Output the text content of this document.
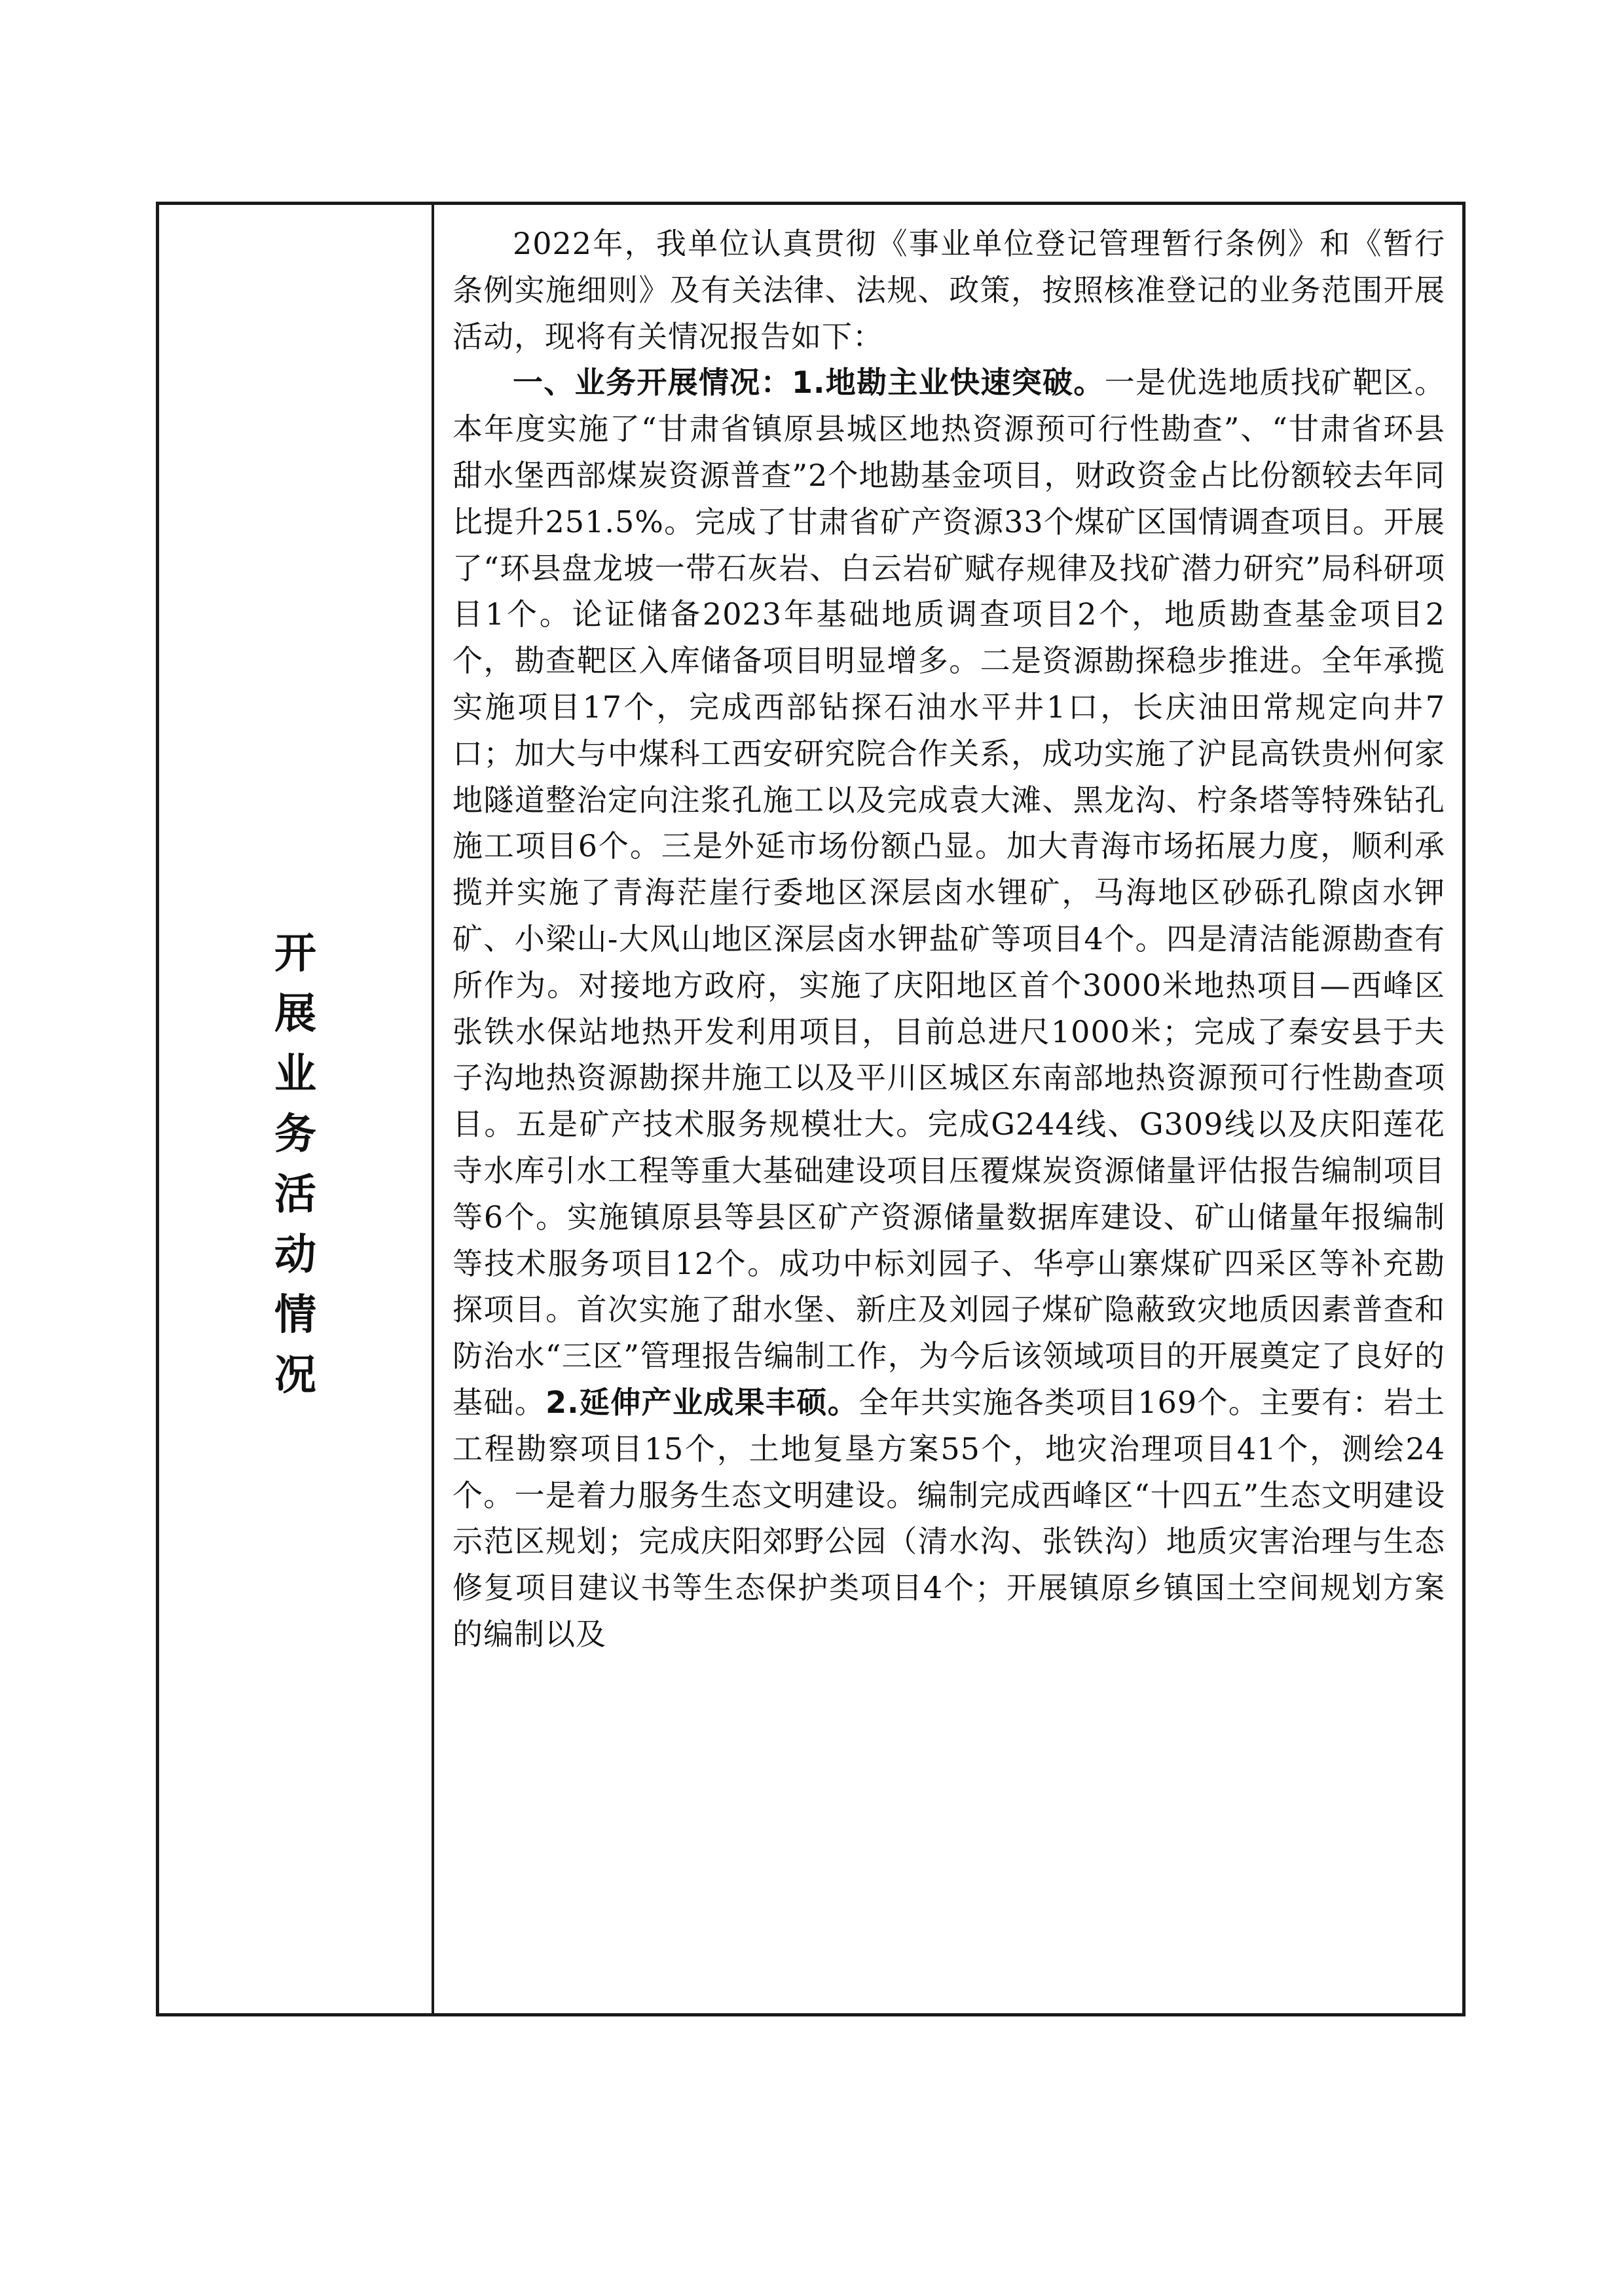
开
展
业
务
活
动
情
况

2022年，我单位认真贯彻《事业单位登记管理暂行条例》和《暂行条例实施细则》及有关法律、法规、政策，按照核准登记的业务范围开展活动，现将有关情况报告如下：

一、业务开展情况：1.地勘主业快速突破。一是优选地质找矿靶区。本年度实施了“甘肃省镇原县城区地热资源预可行性勘查”、“甘肃省环县甜水堡西部煤炭资源普查”2个地勘基金项目，财政资金占比份额较去年同比提升251.5%。完成了甘肃省矿产资源33个煤矿区国情调查项目。开展了“环县盘龙坡一带石灰岩、白云岩矿赋存规律及找矿潜力研究”局科研项目1个。论证储备2023年基础地质调查项目2个，地质勘查基金项目2个，勘查靶区入库储备项目明显增多。二是资源勘探稳步推进。全年承揽实施项目17个，完成西部钻探石油水平井1口，长庆油田常规定向井7口；加大与中煤科工西安研究院合作关系，成功实施了沪昆高铁贵州何家地隧道整治定向注浆孔施工以及完成袁大滩、黑龙沟、柠条塔等特殊钻孔施工项目6个。三是外延市场份额凸显。加大青海市场拓展力度，顺利承揽并实施了青海茫崖行委地区深层卤水锂矿，马海地区砂砾孔隙卤水钾矿、小梁山-大风山地区深层卤水钾盐矿等项目4个。四是清洁能源勘查有所作为。对接地方政府，实施了庆阳地区首个3000米地热项目—西峰区张铁水保站地热开发利用项目，目前总进尺1000米；完成了秦安县于夫子沟地热资源勘探井施工以及平川区城区东南部地热资源预可行性勘查项目。五是矿产技术服务规模壮大。完成G244线、G309线以及庆阳莲花寺水库引水工程等重大基础建设项目压覆煤炭资源储量评估报告编制项目等6个。实施镇原县等县区矿产资源储量数据库建设、矿山储量年报编制等技术服务项目12个。成功中标刘园子、华亭山寨煤矿四采区等补充勘探项目。首次实施了甜水堡、新庄及刘园子煤矿隐蔽致灾地质因素普查和防治水“三区”管理报告编制工作，为今后该领域项目的开展奠定了良好的基础。2.延伸产业成果丰硕。全年共实施各类项目169个。主要有：岩土工程勘察项目15个，土地复垦方案55个，地灾治理项目41个，测绘24个。一是着力服务生态文明建设。编制完成西峰区“十四五”生态文明建设示范区规划；完成庆阳郊野公园（清水沟、张铁沟）地质灾害治理与生态修复项目建议书等生态保护类项目4个；开展镇原乡镇国土空间规划方案的编制以及
